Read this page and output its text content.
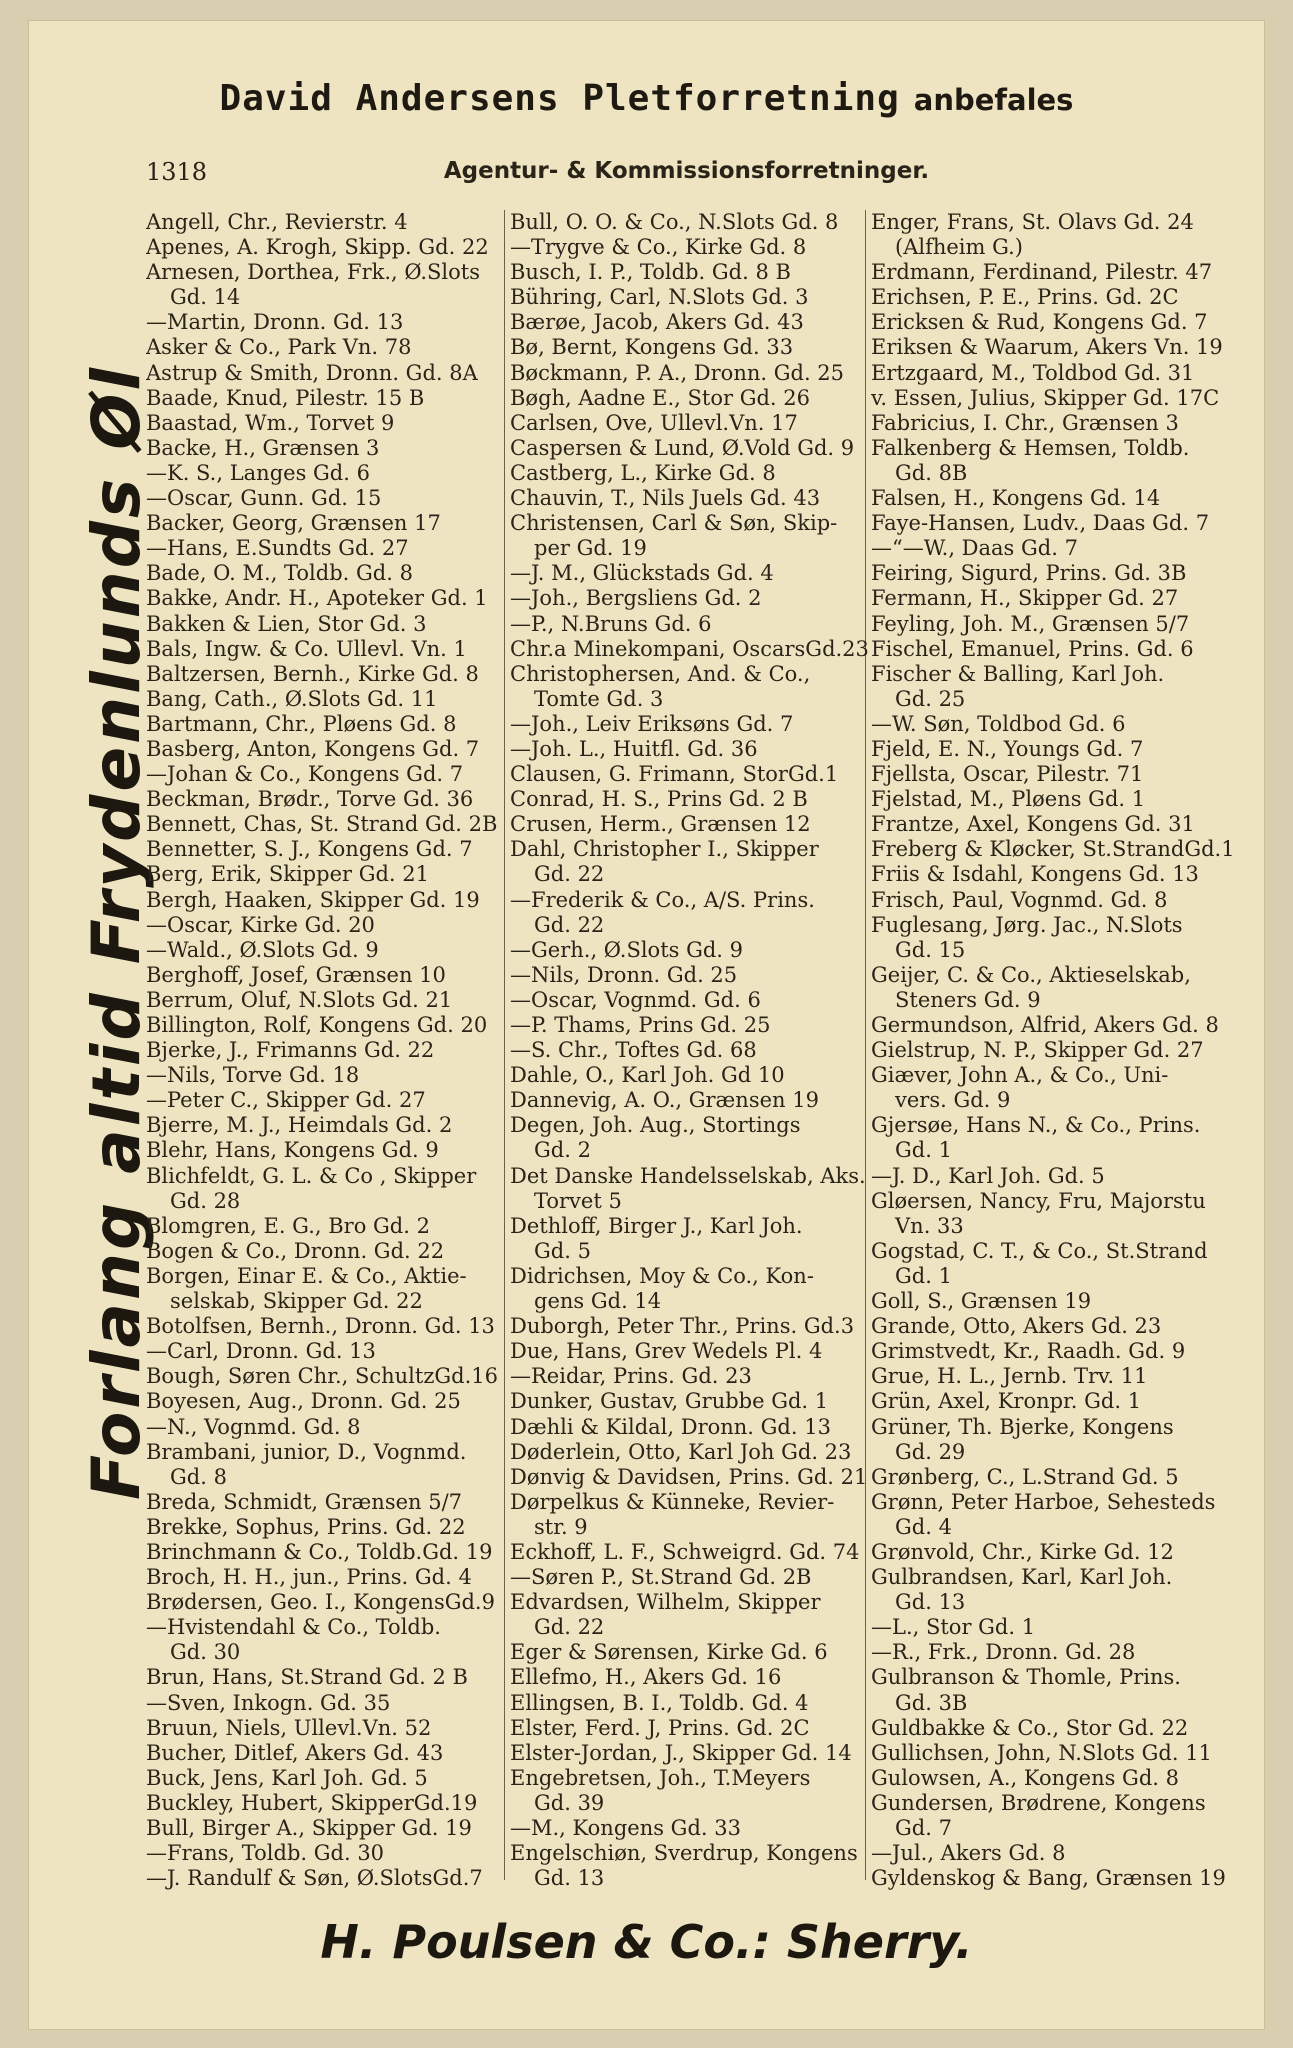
David Andersens Pletforretning anbefales
1318	Agentur- & Kommissionsforretninger.
Forlang altid Frydenlunds Øl
Angell, Chr., Revierstr. 4
Apenes, A. Krogh, Skipp. Gd. 22
Arnesen, Dorthea, Frk., Ø.Slots
Gd. 14
—Martin, Dronn. Gd. 13
Asker & Co., Park Vn. 78
Astrup & Smith, Dronn. Gd. 8A
Baade, Knud, Pilestr. 15 B
Baastad, Wm., Torvet 9
Backe, H., Grænsen 3
—K. S., Langes Gd. 6
—Oscar, Gunn. Gd. 15
Backer, Georg, Grænsen 17
—Hans, E.Sundts Gd. 27
Bade, O. M., Toldb. Gd. 8
Bakke, Andr. H., Apoteker Gd. 1
Bakken & Lien, Stor Gd. 3
Bals, Ingw. & Co. Ullevl. Vn. 1
Baltzersen, Bernh., Kirke Gd. 8
Bang, Cath., Ø.Slots Gd. 11
Bartmann, Chr., Pløens Gd. 8
Basberg, Anton, Kongens Gd. 7
—Johan & Co., Kongens Gd. 7
Beckman, Brødr., Torve Gd. 36
Bennett, Chas, St. Strand Gd. 2B
Bennetter, S. J., Kongens Gd. 7
Berg, Erik, Skipper Gd. 21
Bergh, Haaken, Skipper Gd. 19
—Oscar, Kirke Gd. 20
—Wald., Ø.Slots Gd. 9
Berghoff, Josef, Grænsen 10
Berrum, Oluf, N.Slots Gd. 21
Billington, Rolf, Kongens Gd. 20
Bjerke, J., Frimanns Gd. 22
—Nils, Torve Gd. 18
—Peter C., Skipper Gd. 27
Bjerre, M. J., Heimdals Gd. 2
Blehr, Hans, Kongens Gd. 9
Blichfeldt, G. L. & Co , Skipper
Gd. 28
Blomgren, E. G., Bro Gd. 2
Bogen & Co., Dronn. Gd. 22
Borgen, Einar E. & Co., Aktie-
selskab, Skipper Gd. 22
Botolfsen, Bernh., Dronn. Gd. 13
—Carl, Dronn. Gd. 13
Bough, Søren Chr., SchultzGd.16
Boyesen, Aug., Dronn. Gd. 25
—N., Vognmd. Gd. 8
Brambani, junior, D., Vognmd.
Gd. 8
Breda, Schmidt, Grænsen 5/7
Brekke, Sophus, Prins. Gd. 22
Brinchmann & Co., Toldb.Gd. 19
Broch, H. H., jun., Prins. Gd. 4
Brødersen, Geo. I., KongensGd.9
—Hvistendahl & Co., Toldb.
Gd. 30
Brun, Hans, St.Strand Gd. 2 B
—Sven, Inkogn. Gd. 35
Bruun, Niels, Ullevl.Vn. 52
Bucher, Ditlef, Akers Gd. 43
Buck, Jens, Karl Joh. Gd. 5
Buckley, Hubert, SkipperGd.19
Bull, Birger A., Skipper Gd. 19
—Frans, Toldb. Gd. 30
—J. Randulf & Søn, Ø.SlotsGd.7
Bull, O. O. & Co., N.Slots Gd. 8
—Trygve & Co., Kirke Gd. 8
Busch, I. P., Toldb. Gd. 8 B
Bühring, Carl, N.Slots Gd. 3
Bærøe, Jacob, Akers Gd. 43
Bø, Bernt, Kongens Gd. 33
Bøckmann, P. A., Dronn. Gd. 25
Bøgh, Aadne E., Stor Gd. 26
Carlsen, Ove, Ullevl.Vn. 17
Caspersen & Lund, Ø.Vold Gd. 9
Castberg, L., Kirke Gd. 8
Chauvin, T., Nils Juels Gd. 43
Christensen, Carl & Søn, Skip-
per Gd. 19
—J. M., Glückstads Gd. 4
—Joh., Bergsliens Gd. 2
—P., N.Bruns Gd. 6
Chr.a Minekompani, OscarsGd.23
Christophersen, And. & Co.,
Tomte Gd. 3
—Joh., Leiv Eriksøns Gd. 7
—Joh. L., Huitfl. Gd. 36
Clausen, G. Frimann, StorGd.1
Conrad, H. S., Prins Gd. 2 B
Crusen, Herm., Grænsen 12
Dahl, Christopher I., Skipper
Gd. 22
—Frederik & Co., A/S. Prins.
Gd. 22
—Gerh., Ø.Slots Gd. 9
—Nils, Dronn. Gd. 25
—Oscar, Vognmd. Gd. 6
—P. Thams, Prins Gd. 25
—S. Chr., Toftes Gd. 68
Dahle, O., Karl Joh. Gd 10
Dannevig, A. O., Grænsen 19
Degen, Joh. Aug., Stortings
Gd. 2
Det Danske Handelsselskab, Aks.
Torvet 5
Dethloff, Birger J., Karl Joh.
Gd. 5
Didrichsen, Moy & Co., Kon-
gens Gd. 14
Duborgh, Peter Thr., Prins. Gd.3
Due, Hans, Grev Wedels Pl. 4
—Reidar, Prins. Gd. 23
Dunker, Gustav, Grubbe Gd. 1
Dæhli & Kildal, Dronn. Gd. 13
Døderlein, Otto, Karl Joh Gd. 23
Dønvig & Davidsen, Prins. Gd. 21
Dørpelkus & Künneke, Revier-
str. 9
Eckhoff, L. F., Schweigrd. Gd. 74
—Søren P., St.Strand Gd. 2B
Edvardsen, Wilhelm, Skipper
Gd. 22
Eger & Sørensen, Kirke Gd. 6
Ellefmo, H., Akers Gd. 16
Ellingsen, B. I., Toldb. Gd. 4
Elster, Ferd. J, Prins. Gd. 2C
Elster-Jordan, J., Skipper Gd. 14
Engebretsen, Joh., T.Meyers
Gd. 39
—M., Kongens Gd. 33
Engelschiøn, Sverdrup, Kongens
Gd. 13
Enger, Frans, St. Olavs Gd. 24
(Alfheim G.)
Erdmann, Ferdinand, Pilestr. 47
Erichsen, P. E., Prins. Gd. 2C
Ericksen & Rud, Kongens Gd. 7
Eriksen & Waarum, Akers Vn. 19
Ertzgaard, M., Toldbod Gd. 31
v. Essen, Julius, Skipper Gd. 17C
Fabricius, I. Chr., Grænsen 3
Falkenberg & Hemsen, Toldb.
Gd. 8B
Falsen, H., Kongens Gd. 14
Faye-Hansen, Ludv., Daas Gd. 7
—“—W., Daas Gd. 7
Feiring, Sigurd, Prins. Gd. 3B
Fermann, H., Skipper Gd. 27
Feyling, Joh. M., Grænsen 5/7
Fischel, Emanuel, Prins. Gd. 6
Fischer & Balling, Karl Joh.
Gd. 25
—W. Søn, Toldbod Gd. 6
Fjeld, E. N., Youngs Gd. 7
Fjellsta, Oscar, Pilestr. 71
Fjelstad, M., Pløens Gd. 1
Frantze, Axel, Kongens Gd. 31
Freberg & Kløcker, St.StrandGd.1
Friis & Isdahl, Kongens Gd. 13
Frisch, Paul, Vognmd. Gd. 8
Fuglesang, Jørg. Jac., N.Slots
Gd. 15
Geijer, C. & Co., Aktieselskab,
Steners Gd. 9
Germundson, Alfrid, Akers Gd. 8
Gielstrup, N. P., Skipper Gd. 27
Giæver, John A., & Co., Uni-
vers. Gd. 9
Gjersøe, Hans N., & Co., Prins.
Gd. 1
—J. D., Karl Joh. Gd. 5
Gløersen, Nancy, Fru, Majorstu
Vn. 33
Gogstad, C. T., & Co., St.Strand
Gd. 1
Goll, S., Grænsen 19
Grande, Otto, Akers Gd. 23
Grimstvedt, Kr., Raadh. Gd. 9
Grue, H. L., Jernb. Trv. 11
Grün, Axel, Kronpr. Gd. 1
Grüner, Th. Bjerke, Kongens
Gd. 29
Grønberg, C., L.Strand Gd. 5
Grønn, Peter Harboe, Sehesteds
Gd. 4
Grønvold, Chr., Kirke Gd. 12
Gulbrandsen, Karl, Karl Joh.
Gd. 13
—L., Stor Gd. 1
—R., Frk., Dronn. Gd. 28
Gulbranson & Thomle, Prins.
Gd. 3B
Guldbakke & Co., Stor Gd. 22
Gullichsen, John, N.Slots Gd. 11
Gulowsen, A., Kongens Gd. 8
Gundersen, Brødrene, Kongens
Gd. 7
—Jul., Akers Gd. 8
Gyldenskog & Bang, Grænsen 19
H. Poulsen & Co.: Sherry.
